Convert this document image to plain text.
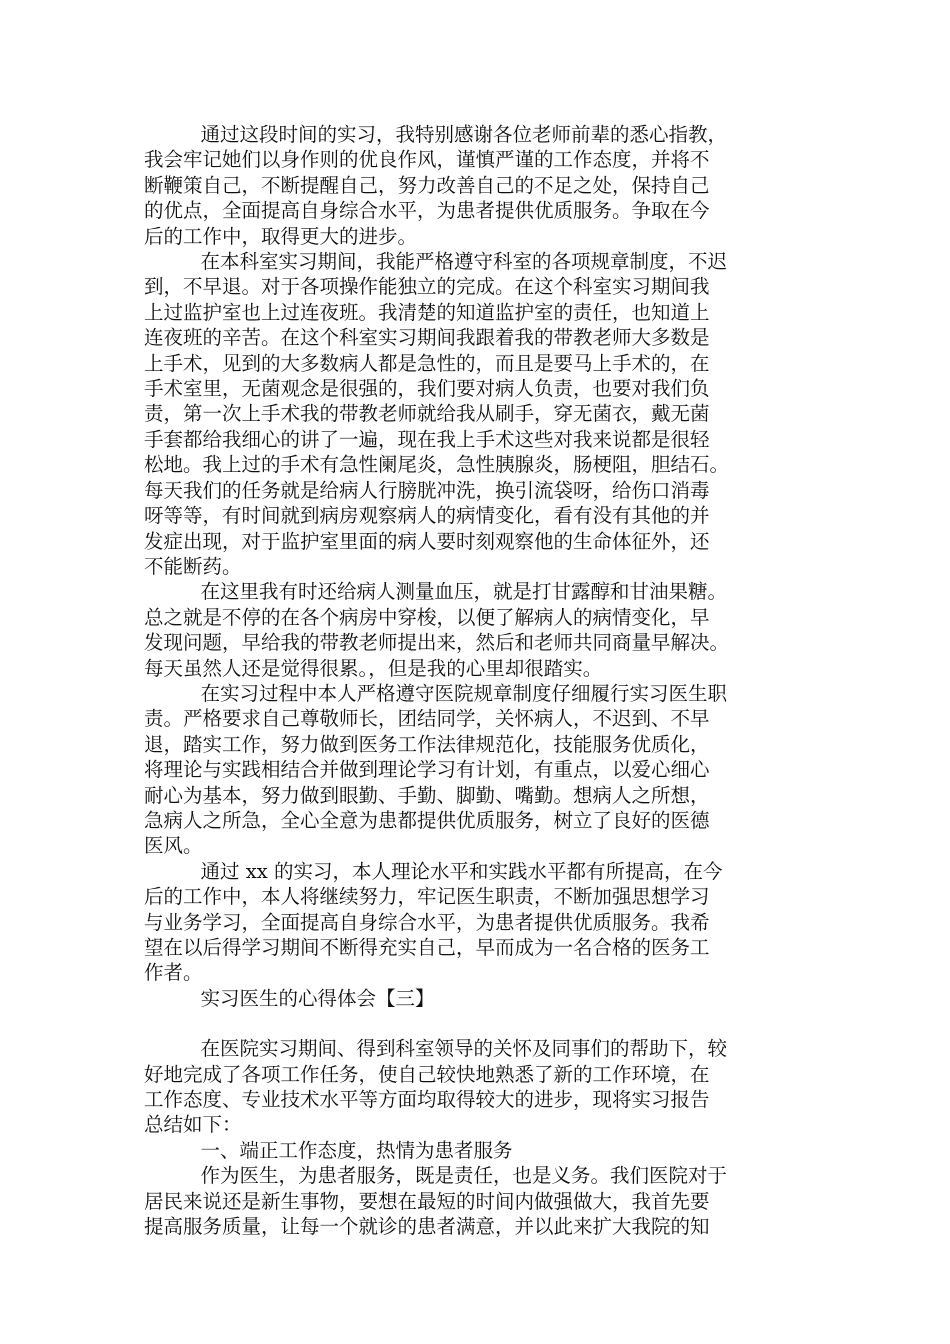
通过这段时间的实习，我特别感谢各位老师前辈的悉心指教，
我会牢记她们以身作则的优良作风，谨慎严谨的工作态度，并将不
断鞭策自己，不断提醒自己，努力改善自己的不足之处，保持自己
的优点，全面提高自身综合水平，为患者提供优质服务。争取在今
后的工作中，取得更大的进步。

在本科室实习期间，我能严格遵守科室的各项规章制度，不迟
到，不早退。对于各项操作能独立的完成。在这个科室实习期间我
上过监护室也上过连夜班。我清楚的知道监护室的责任，也知道上
连夜班的辛苦。在这个科室实习期间我跟着我的带教老师大多数是
上手术，见到的大多数病人都是急性的，而且是要马上手术的，在
手术室里，无菌观念是很强的，我们要对病人负责，也要对我们负
责，第一次上手术我的带教老师就给我从刷手，穿无菌衣，戴无菌
手套都给我细心的讲了一遍，现在我上手术这些对我来说都是很轻
松地。我上过的手术有急性阑尾炎，急性胰腺炎，肠梗阻，胆结石。
每天我们的任务就是给病人行膀胱冲洗，换引流袋呀，给伤口消毒
呀等等，有时间就到病房观察病人的病情变化，看有没有其他的并
发症出现，对于监护室里面的病人要时刻观察他的生命体征外，还
不能断药。

在这里我有时还给病人测量血压，就是打甘露醇和甘油果糖。
总之就是不停的在各个病房中穿梭，以便了解病人的病情变化，早
发现问题，早给我的带教老师提出来，然后和老师共同商量早解决。
每天虽然人还是觉得很累。，但是我的心里却很踏实。

在实习过程中本人严格遵守医院规章制度仔细履行实习医生职
责。严格要求自己尊敬师长，团结同学，关怀病人，不迟到、不早
退，踏实工作，努力做到医务工作法律规范化，技能服务优质化，
将理论与实践相结合并做到理论学习有计划，有重点，以爱心细心
耐心为基本，努力做到眼勤、手勤、脚勤、嘴勤。想病人之所想，
急病人之所急，全心全意为患都提供优质服务，树立了良好的医德
医风。

通过 xx 的实习，本人理论水平和实践水平都有所提高，在今
后的工作中，本人将继续努力，牢记医生职责，不断加强思想学习
与业务学习，全面提高自身综合水平，为患者提供优质服务。我希
望在以后得学习期间不断得充实自己，早而成为一名合格的医务工
作者。

实习医生的心得体会【三】

在医院实习期间、得到科室领导的关怀及同事们的帮助下，较
好地完成了各项工作任务，使自己较快地熟悉了新的工作环境，在
工作态度、专业技术水平等方面均取得较大的进步，现将实习报告
总结如下：

一、端正工作态度，热情为患者服务

作为医生，为患者服务，既是责任，也是义务。我们医院对于
居民来说还是新生事物，要想在最短的时间内做强做大，我首先要
提高服务质量，让每一个就诊的患者满意，并以此来扩大我院的知
